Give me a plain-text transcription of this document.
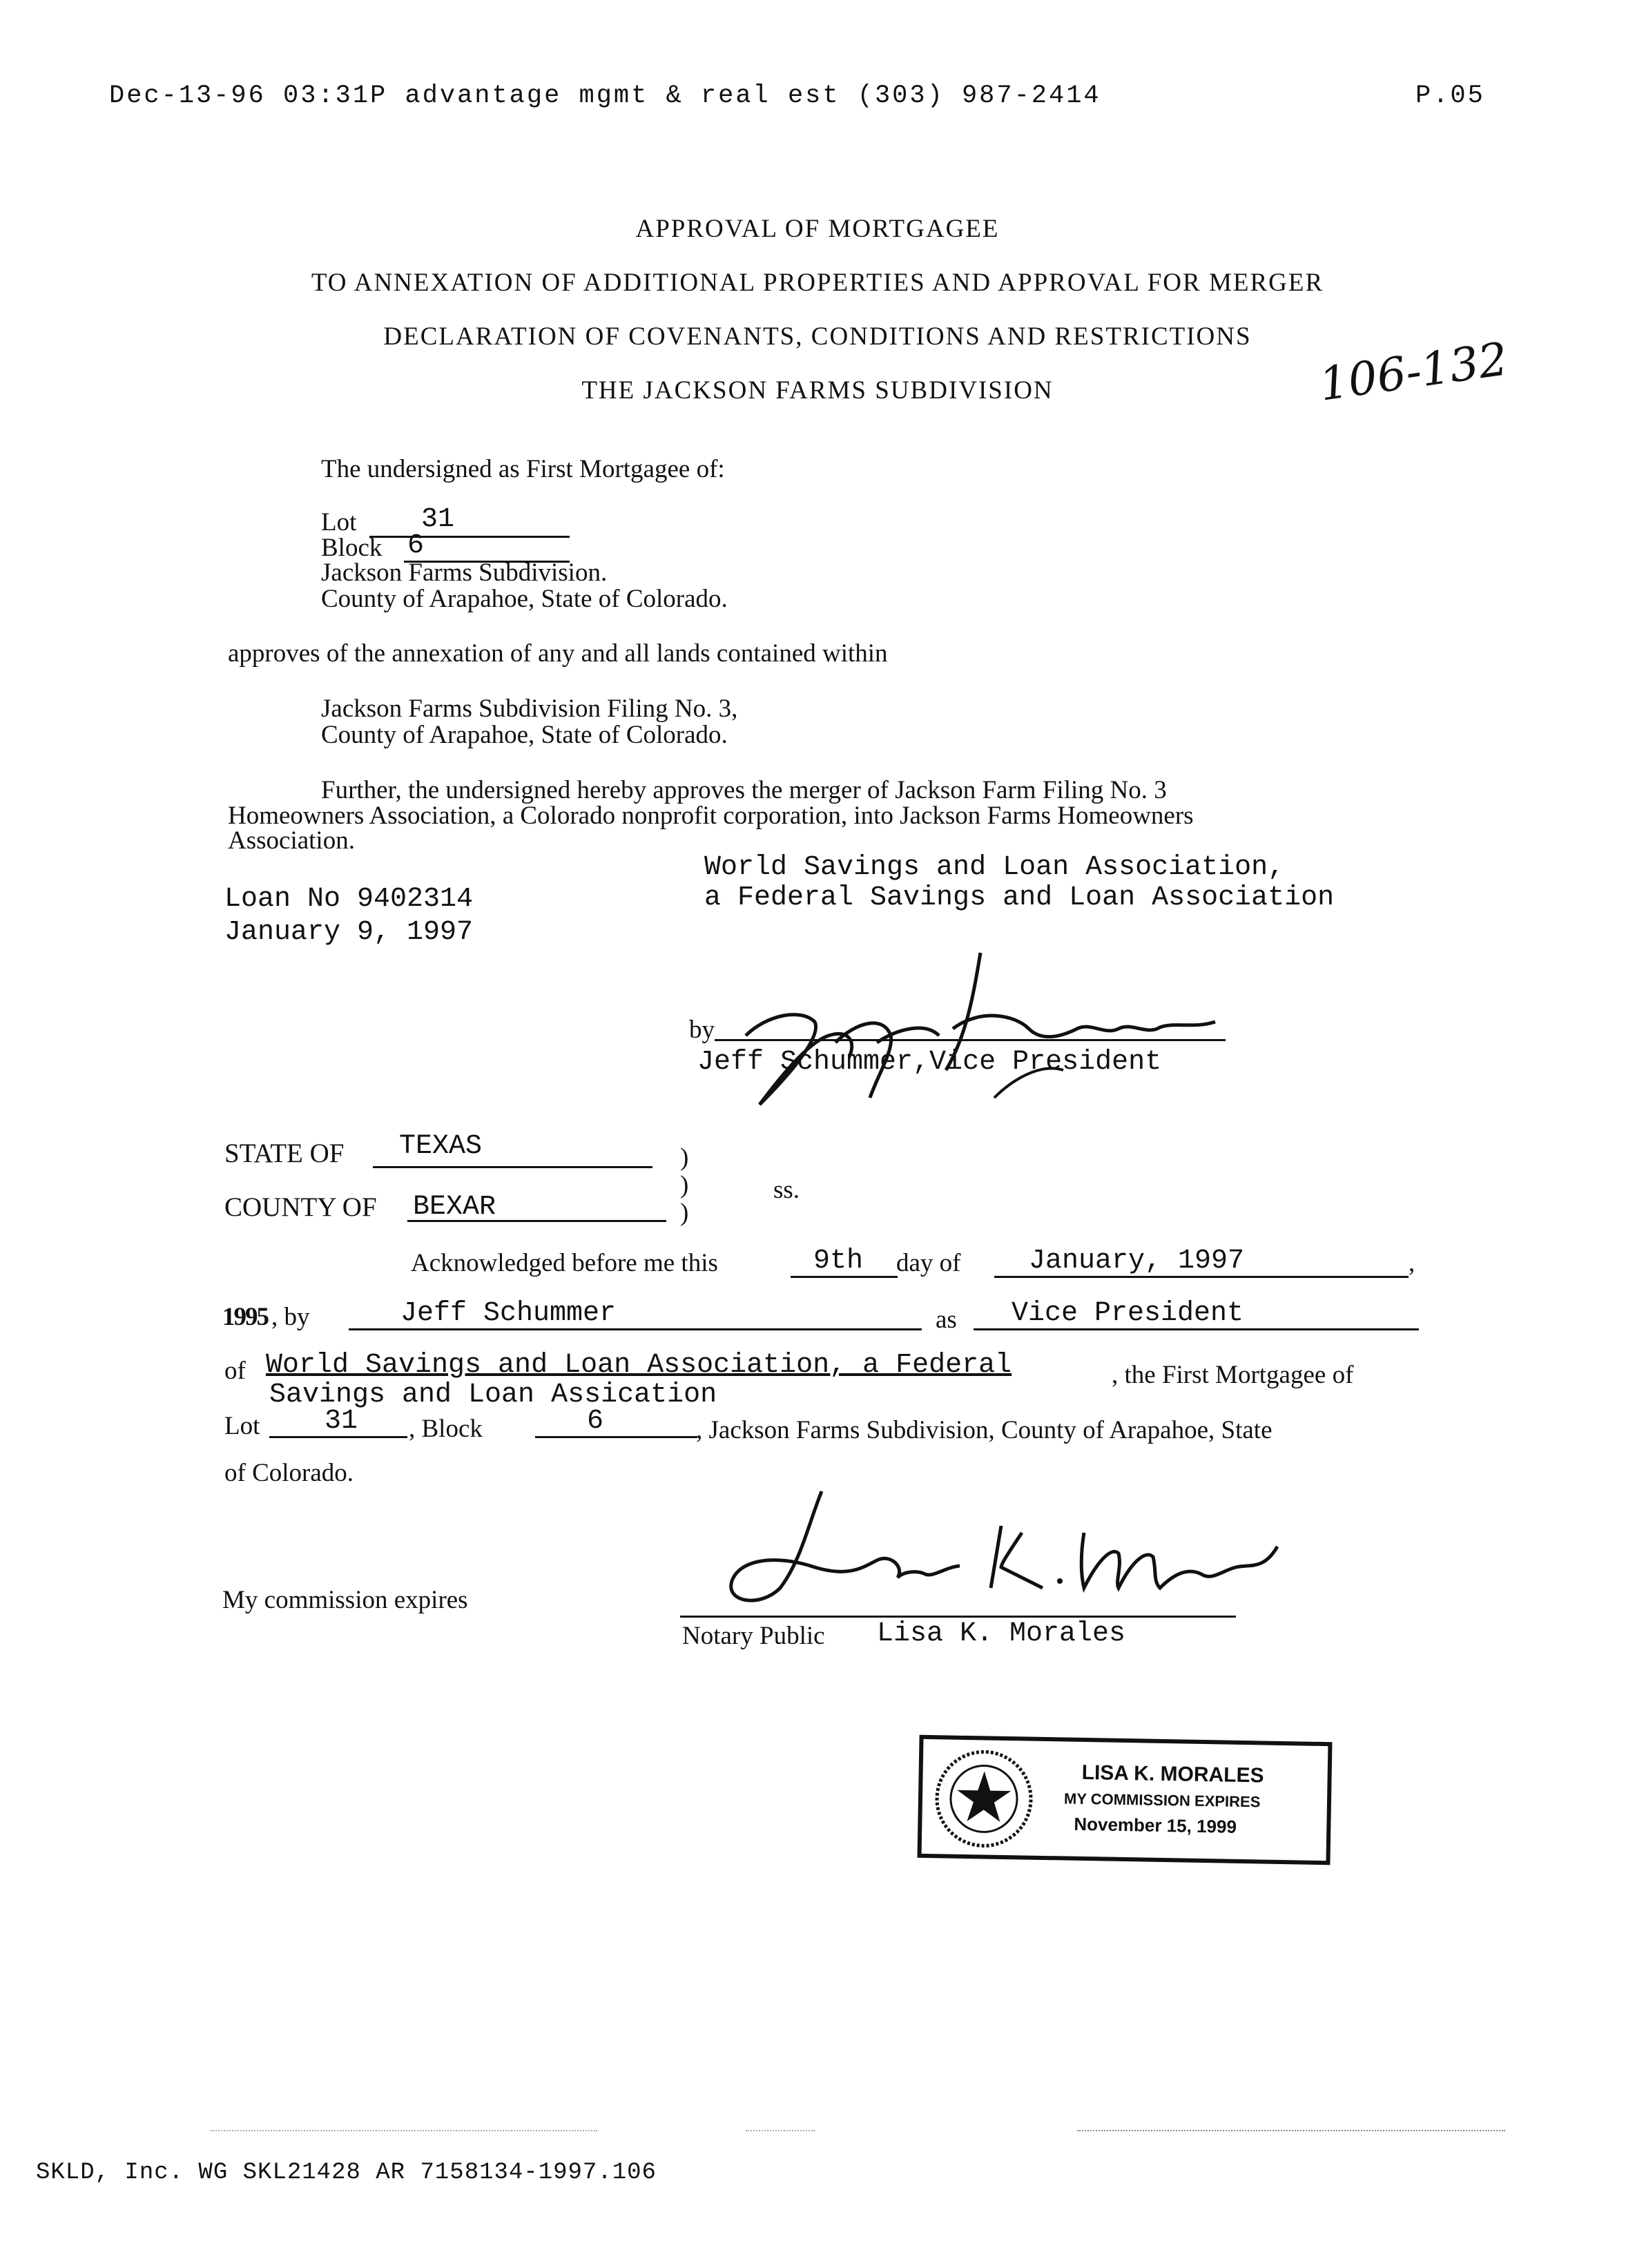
Dec-13-96 03:31P advantage mgmt & real est (303) 987-2414	P.05
APPROVAL OF MORTGAGEE
TO ANNEXATION OF ADDITIONAL PROPERTIES AND APPROVAL FOR MERGER
DECLARATION OF COVENANTS, CONDITIONS AND RESTRICTIONS
THE JACKSON FARMS SUBDIVISION	106-132
The undersigned as First Mortgagee of:
Lot 31
Block 6
Jackson Farms Subdivision.
County of Arapahoe, State of Colorado.
approves of the annexation of any and all lands contained within
Jackson Farms Subdivision Filing No. 3,
County of Arapahoe, State of Colorado.
Further, the undersigned hereby approves the merger of Jackson Farm Filing No. 3
Homeowners Association, a Colorado nonprofit corporation, into Jackson Farms Homeowners
Association.
World Savings and Loan Association,
a Federal Savings and Loan Association
Loan No 9402314
January 9, 1997
by
Jeff Schummer,Vice President
STATE OF TEXAS	)
)	ss.
COUNTY OF BEXAR	)
Acknowledged before me this	9th day of January, 1997	,
1995 , by	Jeff Schummer	as Vice President
of World Savings and Loan Association, a Federal	, the First Mortgagee of
Savings and Loan Assication
Lot 31 , Block	6	, Jackson Farms Subdivision, County of Arapahoe, State
of Colorado.
My commission expires
Notary Public Lisa K. Morales
LISA K. MORALES
MY COMMISSION EXPIRES
November 15, 1999
SKLD, Inc. WG SKL21428 AR 7158134-1997.106
